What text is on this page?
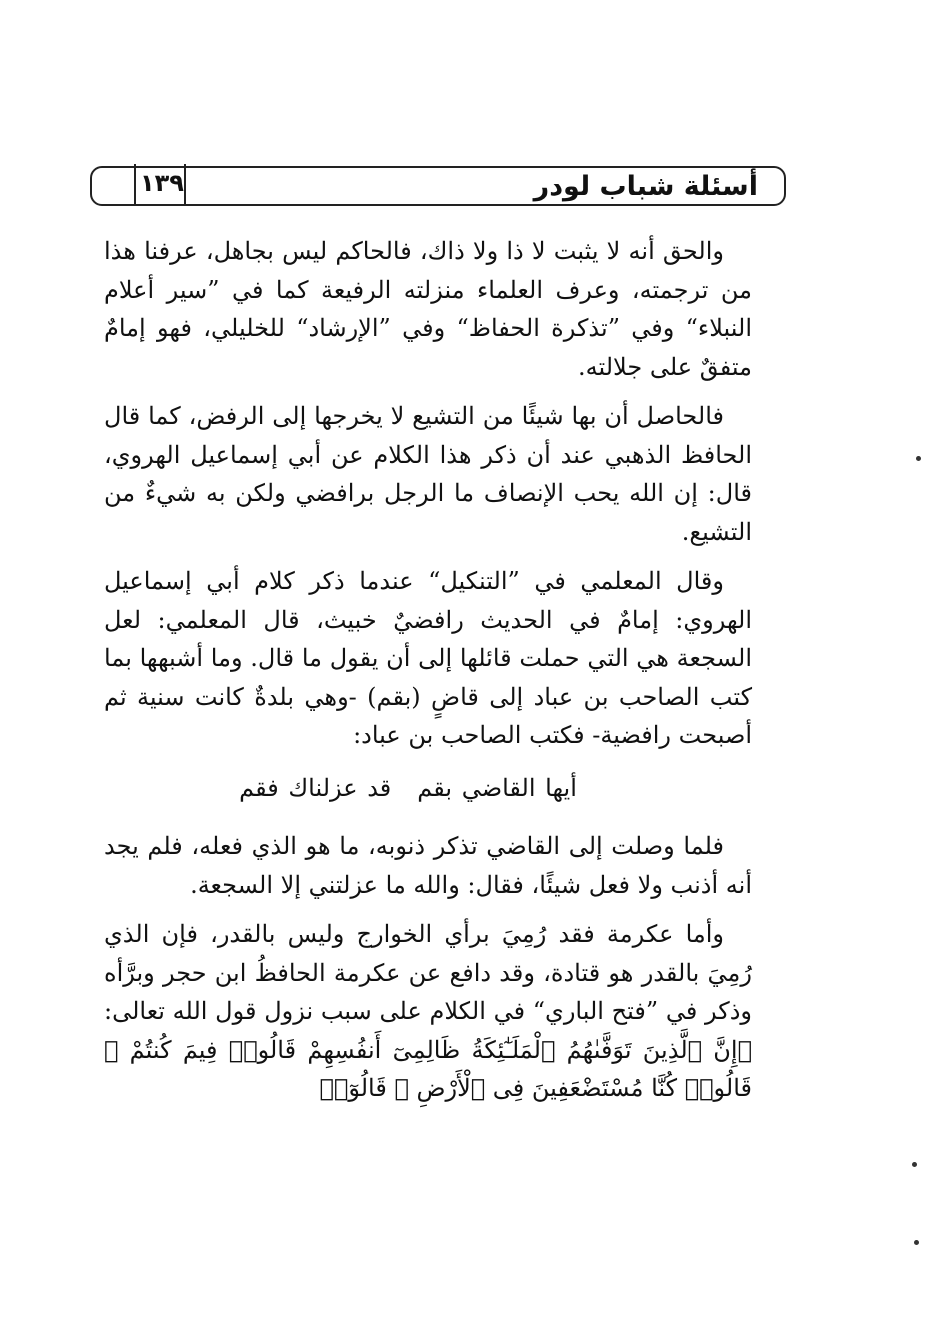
أسئلة شباب لودر
١٣٩

والحق أنه لا يثبت لا ذا ولا ذاك، فالحاكم ليس بجاهل، عرفنا هذا من ترجمته، وعرف العلماء منزلته الرفيعة كما في ”سير أعلام النبلاء“ وفي ”تذكرة الحفاظ“ وفي ”الإرشاد“ للخليلي، فهو إمامٌ متفقٌ على جلالته.

فالحاصل أن بها شيئًا من التشيع لا يخرجها إلى الرفض، كما قال الحافظ الذهبي عند أن ذكر هذا الكلام عن أبي إسماعيل الهروي، قال: إن الله يحب الإنصاف ما الرجل برافضي ولكن به شيءٌ من التشيع.

وقال المعلمي في ”التنكيل“ عندما ذكر كلام أبي إسماعيل الهروي: إمامٌ في الحديث رافضيٌ خبيث، قال المعلمي: لعل السجعة هي التي حملت قائلها إلى أن يقول ما قال. وما أشبهها بما كتب الصاحب بن عباد إلى قاضٍ (بقم) -وهي بلدةٌ كانت سنية ثم أصبحت رافضية- فكتب الصاحب بن عباد:

أيها القاضي بقمقد عزلناك فقم

فلما وصلت إلى القاضي تذكر ذنوبه، ما هو الذي فعله، فلم يجد أنه أذنب ولا فعل شيئًا، فقال: والله ما عزلتني إلا السجعة.

وأما عكرمة فقد رُمِيَ برأي الخوارج وليس بالقدر، فإن الذي رُمِيَ بالقدر هو قتادة، وقد دافع عن عكرمة الحافظُ ابن حجر وبرَّأه وذكر في ”فتح الباري“ في الكلام على سبب نزول قول الله تعالى: ﴿إِنَّ ٱلَّذِينَ تَوَفَّىٰهُمُ ٱلْمَلَـٰٓئِكَةُ ظَالِمِىٓ أَنفُسِهِمْ قَالُوا۟ فِيمَ كُنتُمْ ۖ قَالُوا۟ كُنَّا مُسْتَضْعَفِينَ فِى ٱلْأَرْضِ ۚ قَالُوٓا۟
